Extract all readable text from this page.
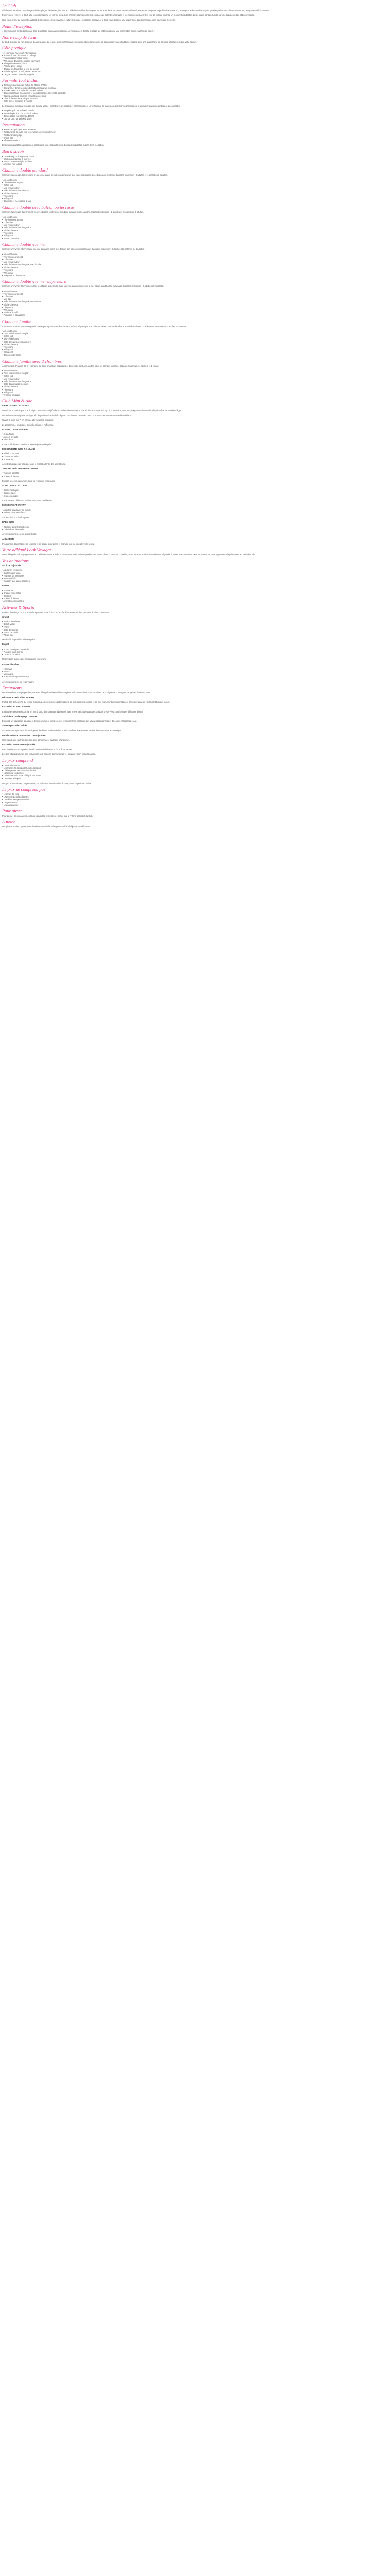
Le Club

Idéalement situé sur l'une des plus belles plages de la côte, le Club accueille les familles, les couples et les amis dans un cadre naturel préservé, entre mer turquoise et jardins luxuriants. Ici, le temps s'arrête et chacun peut profiter pleinement de ses vacances, au rythme qui lui convient.

Entièrement rénové, le Club allie confort moderne et charme local. Les chambres lumineuses, les espaces de détente ombragés et les nombreuses activités font de chaque journée un moment inoubliable. Les enfants sont accueillis par une équipe dédiée et bienveillante.

Que vous rêviez de farniente au bord de la piscine, de découvertes culturelles ou de sensations sportives, le Club vous propose une expérience tout compris pensée pour votre bien-être.

Point d'exception

« Une situation pieds dans l'eau, face à un lagon aux eaux cristallines, avec un accès direct à la plage de sable fin et une vue imprenable sur le coucher du soleil. »

Notre coup de cœur

Le Club dispose de l'un des plus beaux spas de la région, avec un hammam, un sauna et une large carte de soins inspirés des traditions locales, pour une parenthèse de détente absolue pendant votre séjour.

Côté pratique
• À 15 min de l'aéroport international
• À 5 min à pied du centre du village
• Transfert aller-retour inclus
• Wifi gratuit dans les espaces communs
• Réception ouverte 24h/24
• Parking privé gratuit
• Bagagerie disponible le jour du départ
• Arrivée à partir de 15h, départ avant 11h
• Langue parlée : français, anglais
Formule Tout Inclus
• Petit déjeuner servi en buffet de 7h00 à 10h00
• Déjeuner et dîner servis en buffet au restaurant principal
• Snacks salés et sucrés de 15h00 à 18h00
• Boissons locales alcoolisées et non alcoolisées de 10h00 à 23h00
• Glaces à volonté pour les enfants l'après-midi
• Dîner à thème deux fois par semaine
• Café, thé et infusions à volonté

Le restaurant principal propose une cuisine variée mêlant saveurs locales et internationales. Le restaurant de plage accueille les vacanciers pour le déjeuner dans une ambiance décontractée.

• Bar principal : de 10h00 à minuit
• Bar de la piscine : de 10h00 à 19h00
• Bar de plage : de 11h00 à 18h00
• Lounge bar : de 18h00 à 1h00
Restauration
• Restaurant principal avec terrasse
• Restaurant à la carte (sur réservation, avec supplément)
• Restaurant de plage
• Snack-bar
• Pâtisserie maison

Des menus adaptés aux régimes spécifiques sont disponibles sur demande préalable auprès de la réception.

Bon à savoir
• Taxe de séjour à régler sur place
• Caution demandée à l'arrivée
• Tenue correcte exigée au dîner
• Animaux non admis
Chambre double standard

Chambre spacieuse d'environ 25 m², décorée dans un style contemporain aux couleurs douces, avec balcon ou terrasse. Capacité maximum : 2 adultes et 1 enfant ou 3 adultes.

• Air conditionné
• Télévision écran plat
• Coffre-fort
• Mini-réfrigérateur
• Salle de bains avec douche
• Sèche-cheveux
• Téléphone
• Wifi gratuit
• Bouilloire et nécessaire à café
Chambre double avec balcon ou terrasse

Chambre lumineuse d'environ 28 m², avec balcon ou terrasse meublée donnant sur les jardins. Capacité maximum : 2 adultes et 2 enfants ou 3 adultes.

• Air conditionné
• Télévision écran plat
• Coffre-fort
• Mini-réfrigérateur
• Salle de bains avec baignoire
• Sèche-cheveux
• Téléphone
• Wifi gratuit
• Set de courtoisie
Chambre double vue mer

Chambre d'environ 28 m² offrant une vue dégagée sur la mer depuis son balcon ou sa terrasse. Capacité maximum : 2 adultes et 2 enfants ou 3 adultes.

• Air conditionné
• Télévision écran plat
• Coffre-fort
• Mini-réfrigérateur
• Salle de bains avec baignoire ou douche
• Sèche-cheveux
• Téléphone
• Wifi gratuit
• Peignoirs et chaussons
Chambre double vue mer supérieure

Chambre d'environ 32 m² située dans les étages supérieurs, avec une vue panoramique sur la mer et un grand balcon aménagé. Capacité maximum : 2 adultes et 2 enfants.

• Air conditionné
• Télévision écran plat
• Coffre-fort
• Mini-bar
• Salle de bains avec baignoire et douche
• Sèche-cheveux
• Téléphone
• Wifi gratuit
• Machine à café
• Peignoirs et chaussons
Chambre famille

Chambre d'environ 40 m² composée d'un espace parents et d'un espace enfants séparé par une cloison. Idéale pour les familles. Capacité maximum : 2 adultes et 2 enfants ou 3 adultes et 1 enfant.

• Air conditionné
• Deux télévisions écran plat
• Coffre-fort
• Mini-réfrigérateur
• Salle de bains avec baignoire
• Sèche-cheveux
• Téléphone
• Wifi gratuit
• Canapé-lit
• Balcon ou terrasse
Chambre famille avec 2 chambres

Appartement d'environ 50 m² composé de deux chambres séparées et d'une salle de bains, parfait pour les grandes familles. Capacité maximum : 4 adultes et 1 enfant.

• Air conditionné
• Deux télévisions écran plat
• Coffre-fort
• Mini-réfrigérateur
• Salle de bains avec baignoire
• Salle d'eau supplémentaire
• Sèche-cheveux
• Téléphone
• Wifi gratuit
• Terrasse privative
Club Mini & Ado

LIBRE COURS : 4 - 17 ANS

Des clubs encadrés par une équipe d'animateurs diplômés accueillent les enfants et les adolescents tout au long de la semaine, avec un programme d'activités adapté à chaque tranche d'âge.

Les enfants sont répartis par âge afin de profiter d'activités ludiques, sportives et créatives dans un environnement sécurisé et bienveillant.

Ouvert 6 jours sur 7, en période de vacances scolaires.

Le programme peut varier selon la saison et l'affluence.

LOUSTIC CLUB 4 À 6 ANS

• Jeux d'éveil
• Ateliers créatifs
• Mini-disco

Espace dédié avec piscine et aire de jeux ombragée.

DÉCOUVERTE CLUB 7 À 10 ANS

• Initiation sportive
• Chasse au trésor
• Spectacles

Activités ludiques en groupe, sous le regard attentif des animateurs.

JUNIORS SPÉCIALE MINI & JUNIOR

• Tournois sportifs
• Soirées à thème

Espace réservé aux juniors pour se retrouver entre amis.

ADOS CLUB 11 À 17 ANS

• Sports nautiques
• Soirées ados
• Jeux en équipe

Encadrement dédié aux adolescents, en toute liberté.

PASS PARENT-ENFANT

• Activités à partager en famille
• Ateliers parents-enfants

Sur inscription à la réception.

BABY CLUB

• Garderie pour les tout-petits
• Lit bébé sur demande

Avec supplément, selon disponibilité.

ANIMATION

Programme d'animations en journée et en soirée pour petits et grands, tout au long de votre séjour.

Votre délégué Look Voyages

Votre délégué Look Voyages vous accueille dès votre arrivée et reste à votre disposition pendant tout votre séjour pour vous conseiller, vous informer sur les excursions et répondre à toutes vos questions. Des permanences sont organisées régulièrement au sein du Club.

Vos animations

Au fil de la journée

• Aquagym en piscine
• Stretching et yoga
• Tournois de pétanque
• Jeux apéritifs
• Initiation aux danses locales

Le soir

• Spectacles
• Soirées dansantes
• Karaoké
• Soirées à thème
• Animations musicales
Activités & Sports

Profitez d'un large choix d'activités sportives et de loisirs, en accès libre ou encadrées par notre équipe d'animation.

Gratuit

• Piscine extérieure
• Beach-volley
• Tennis
• Salle de fitness
• Tennis de table
• Water-polo

Matériel à disposition à la réception.

Payant

• Sports nautiques motorisés
• Plongée sous-marine
• Location de vélos

Réservation auprès des prestataires extérieurs.

Espace bien-être

• Hammam
• Sauna
• Massages
• Soins du visage et du corps

Avec supplément, sur réservation.

Excursions

Les excursions sont proposées par votre délégué et réservables sur place. Découvrez les incontournables de la région accompagnés de guides francophones.

Découverte de la ville - Journée

Partez à la découverte du centre historique, de ses ruelles pittoresques, de ses marchés colorés et de ses monuments emblématiques. Déjeuner dans un restaurant typique inclus.

Excursion en mer - Journée

Embarquez pour une journée en mer à bord d'un bateau traditionnel, avec arrêts baignade dans des criques préservées, snorkeling et déjeuner à bord.

Safari dans l'arrière-pays - Journée

Explorez les paysages sauvages de l'intérieur des terres en 4x4, rencontrez les habitants des villages traditionnels et découvrez l'artisanat local.

Soirée spectacle - Soirée

Assistez à un spectacle de musique et de danse traditionnelles, suivi d'un dîner aux saveurs locales dans un cadre authentique.

Balade à dos de dromadaire - Demi-journée

Une balade au coucher du soleil pour admirer des paysages grandioses.

Excursion nature - Demi-journée

Randonnée accompagnée à la découverte de la faune et de la flore locales.

Les prix et programmes des excursions sont donnés à titre indicatif et peuvent varier selon la saison.

Le prix comprend
• Le vol aller-retour
• Les transferts aéroport / hôtel / aéroport
• L'hébergement en chambre double
• La formule tout inclus
• L'assistance de notre délégué sur place
• Les taxes aéroport

Les prix sont calculés par personne, sur la base d'une chambre double, selon la période choisie.

Le prix ne comprend pas
• Les frais de visa
• Les excursions facultatives
• Les dépenses personnelles
• Les pourboires
• Les assurances
Pour aimer

Pour passer des vacances en toute tranquillité et se laisser porter par le rythme apaisant du Club.

À noter

Les photos et descriptions sont données à titre indicatif et peuvent faire l'objet de modifications.
